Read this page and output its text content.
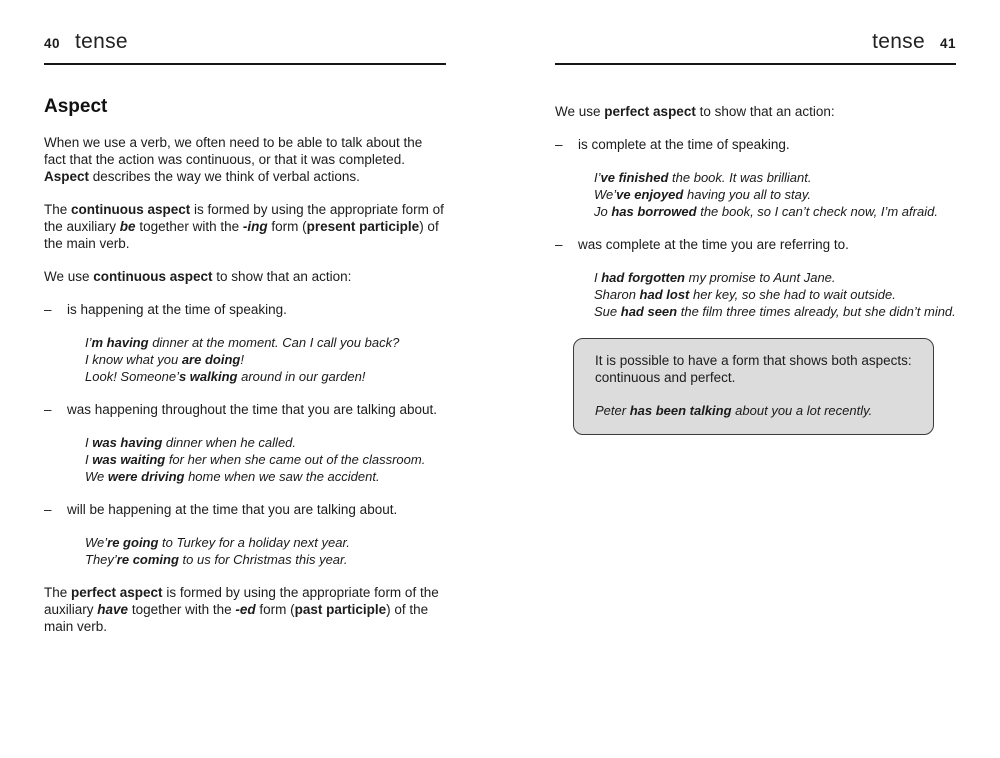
40 tense
Aspect

When we use a verb, we often need to be able to talk about the fact that the action was continuous, or that it was completed. Aspect describes the way we think of verbal actions.

The continuous aspect is formed by using the appropriate form of the auxiliary be together with the -ing form (present participle) of the main verb.

We use continuous aspect to show that an action:

–	is happening at the time of speaking.
I’m having dinner at the moment. Can I call you back?
I know what you are doing!
Look! Someone’s walking around in our garden!
–	was happening throughout the time that you are talking about.
I was having dinner when he called.
I was waiting for her when she came out of the classroom.
We were driving home when we saw the accident.
–	will be happening at the time that you are talking about.
We’re going to Turkey for a holiday next year.
They’re coming to us for Christmas this year.

The perfect aspect is formed by using the appropriate form of the auxiliary have together with the -ed form (past participle) of the main verb.

tense 41

We use perfect aspect to show that an action:

–	is complete at the time of speaking.
I’ve finished the book. It was brilliant.
We’ve enjoyed having you all to stay.
Jo has borrowed the book, so I can’t check now, I’m afraid.
–	was complete at the time you are referring to.
I had forgotten my promise to Aunt Jane.
Sharon had lost her key, so she had to wait outside.
Sue had seen the film three times already, but she didn’t mind.
It is possible to have a form that shows both aspects: continuous and perfect.
Peter has been talking about you a lot recently.
